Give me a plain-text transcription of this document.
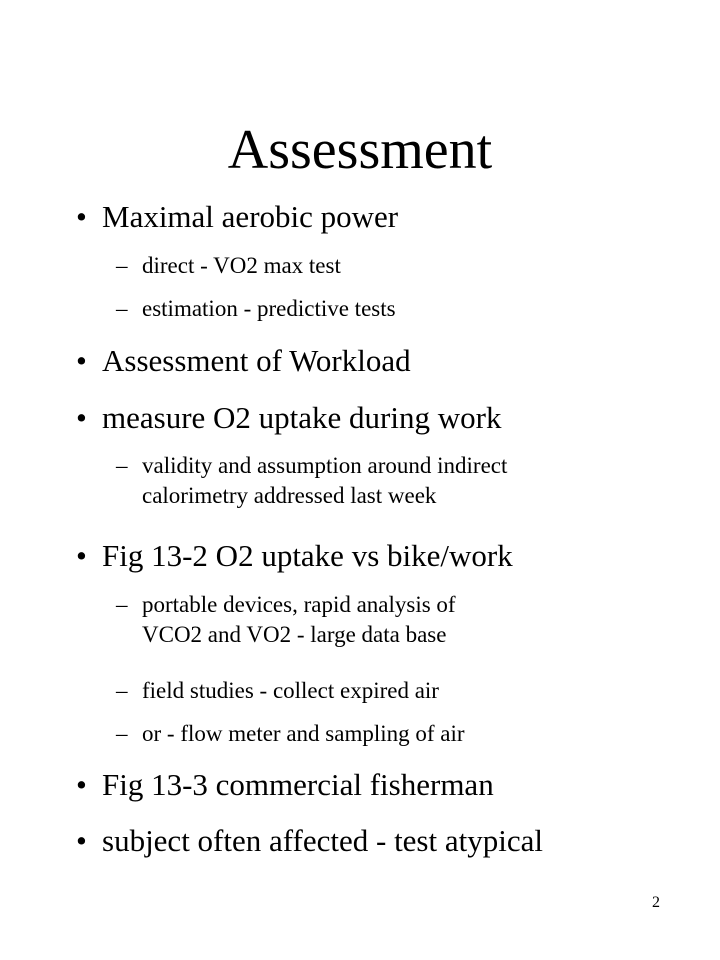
Assessment
• Maximal aerobic power
– direct - VO2 max test
– estimation - predictive tests
• Assessment of Workload
• measure O2 uptake during work
– validity and assumption around indirect
calorimetry addressed last week
• Fig 13-2 O2 uptake vs bike/work
– portable devices, rapid analysis of
VCO2 and VO2 - large data base
– field studies - collect expired air
– or - flow meter and sampling of air
• Fig 13-3 commercial fisherman
• subject often affected - test atypical
2
